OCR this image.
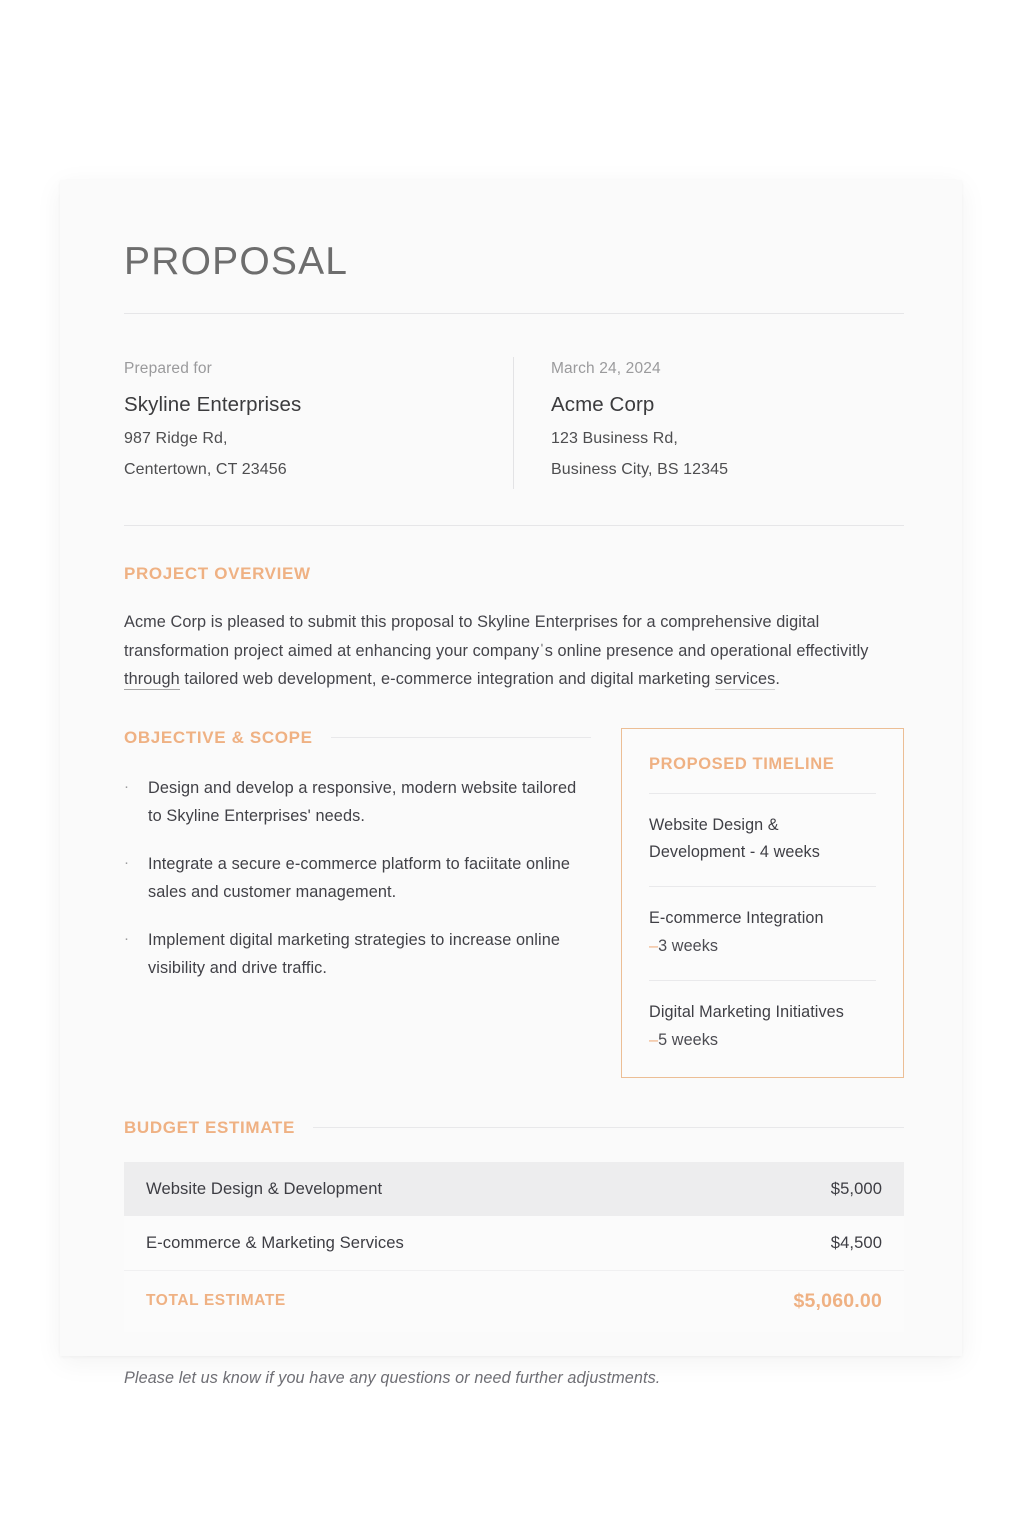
PROPOSAL
Prepared for
Skyline Enterprises
987 Ridge Rd,
Centertown, CT 23456
March 24, 2024
Acme Corp
123 Business Rd,
Business City, BS 12345
PROJECT OVERVIEW

Acme Corp is pleased to submit this proposal to Skyline Enterprises for a comprehensive digital transformation project aimed at enhancing your companyˈs online presence and operational effectivitly through tailored web development, e-commerce integration and digital marketing services.

OBJECTIVE & SCOPE
·	Design and develop a responsive, modern website tailored to Skyline Enterprises' needs.
·	Integrate a secure e-commerce platform to faciitate online sales and customer management.
·	Implement digital marketing strategies to increase online visibility and drive traffic.
PROPOSED TIMELINE
Website Design & Development - 4 weeks
E-commerce Integration
–3 weeks
Digital Marketing Initiatives
–5 weeks
BUDGET ESTIMATE
Website Design & Development	$5,000
E-commerce & Marketing Services	$4,500
TOTAL ESTIMATE	$5,060.00
Please let us know if you have any questions or need further adjustments.
